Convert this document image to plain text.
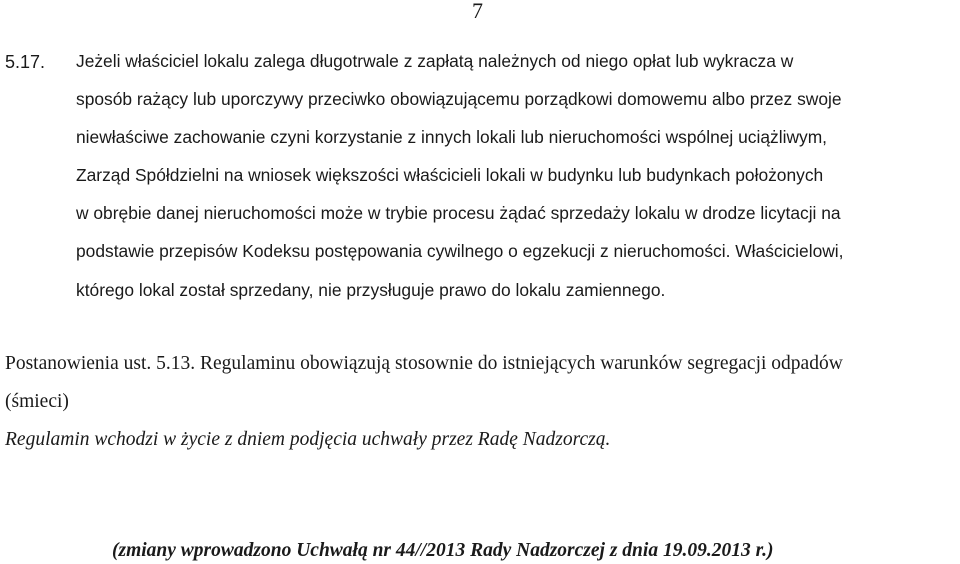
7
5.17. Jeżeli właściciel lokalu zalega długotrwale z zapłatą należnych od niego opłat lub wykracza w
sposób rażący lub uporczywy przeciwko obowiązującemu porządkowi domowemu albo przez swoje
niewłaściwe zachowanie czyni korzystanie z innych lokali lub nieruchomości wspólnej uciążliwym,
Zarząd Spółdzielni na wniosek większości właścicieli lokali w budynku lub budynkach położonych
w obrębie danej nieruchomości może w trybie procesu żądać sprzedaży lokalu w drodze licytacji na
podstawie przepisów Kodeksu postępowania cywilnego o egzekucji z nieruchomości. Właścicielowi,
którego lokal został sprzedany, nie przysługuje prawo do lokalu zamiennego.
Postanowienia ust. 5.13. Regulaminu obowiązują stosownie do istniejących warunków segregacji odpadów
(śmieci)
Regulamin wchodzi w życie z dniem podjęcia uchwały przez Radę Nadzorczą.
(zmiany wprowadzono Uchwałą nr 44//2013 Rady Nadzorczej z dnia 19.09.2013 r.)
